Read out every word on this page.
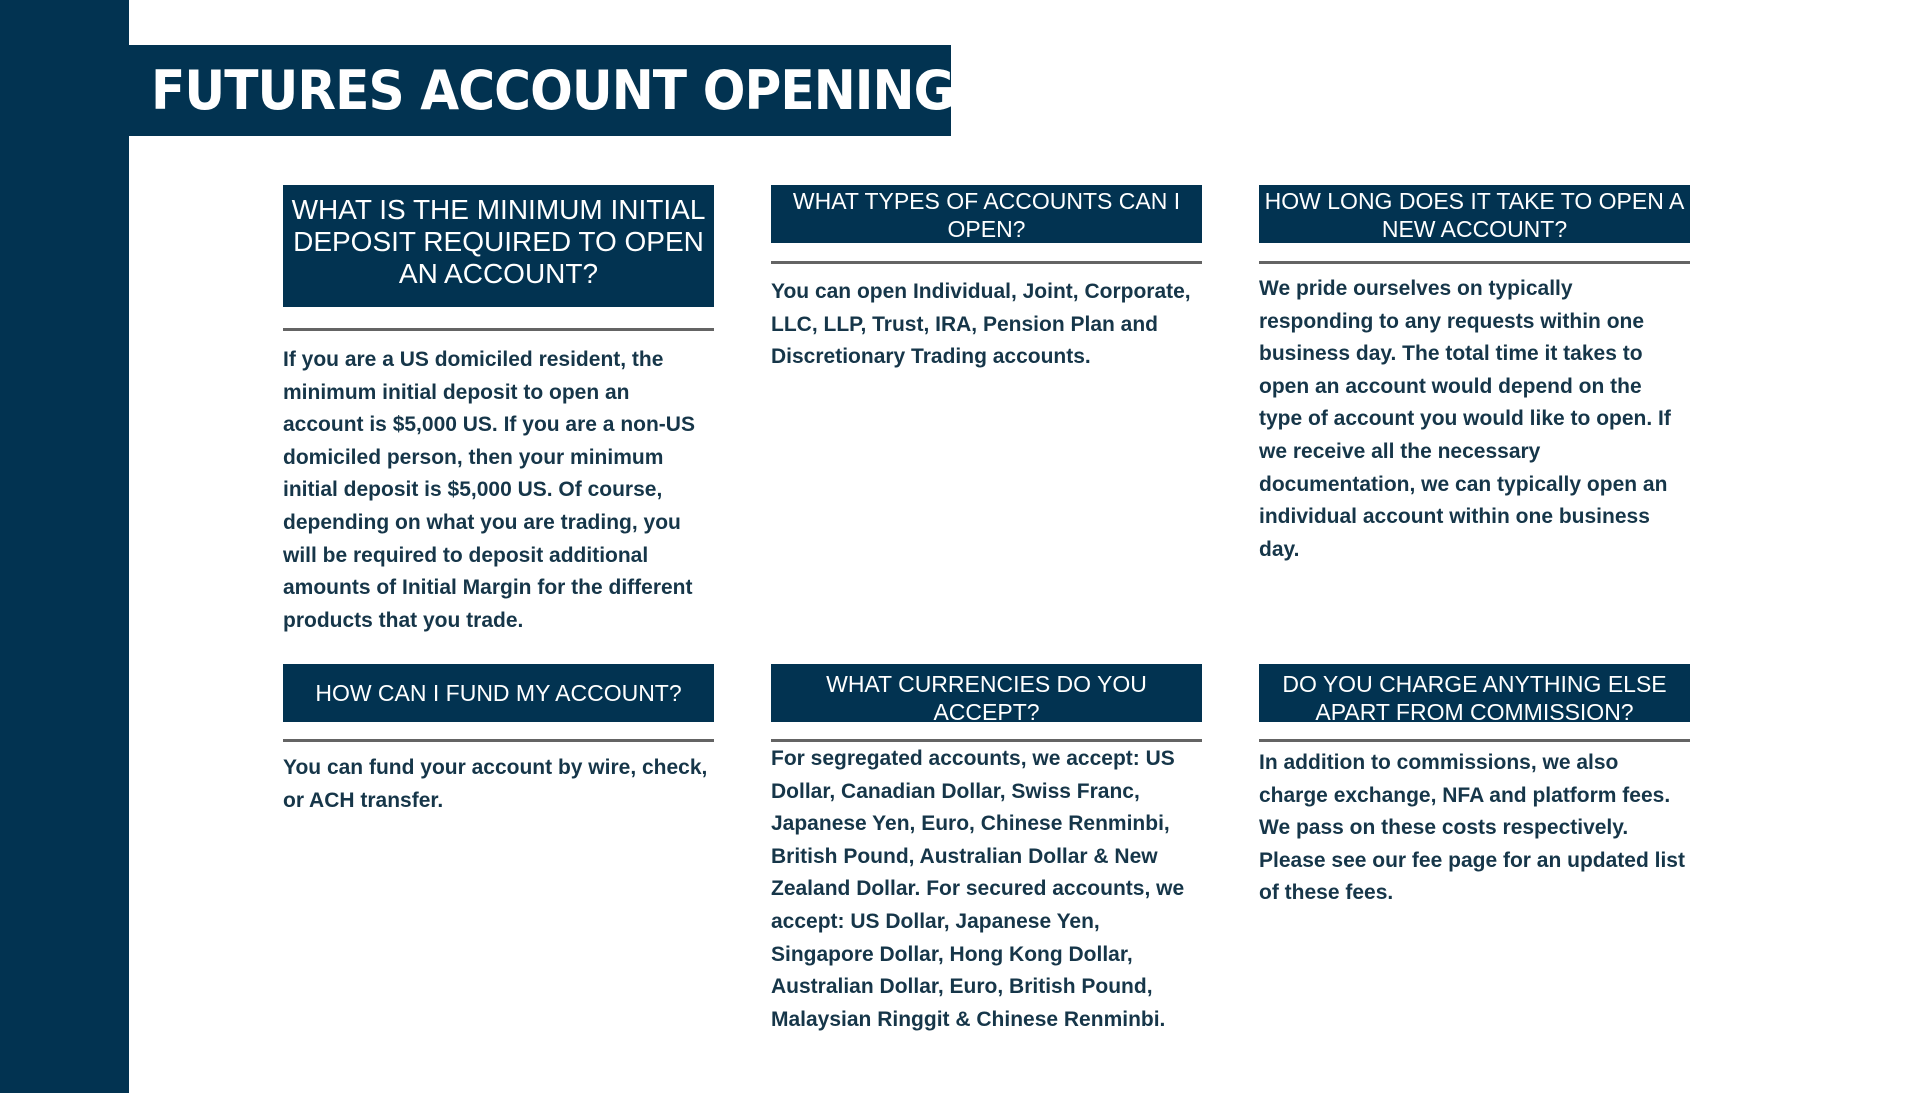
FUTURES ACCOUNT OPENING
WHAT IS THE MINIMUM INITIAL DEPOSIT REQUIRED TO OPEN AN ACCOUNT?

If you are a US domiciled resident, the minimum initial deposit to open an account is $5,000 US. If you are a non-US domiciled person, then your minimum initial deposit is $5,000 US. Of course, depending on what you are trading, you will be required to deposit additional amounts of Initial Margin for the different products that you trade.

WHAT TYPES OF ACCOUNTS CAN I OPEN?

You can open Individual, Joint, Corporate, LLC, LLP, Trust, IRA, Pension Plan and Discretionary Trading accounts.

HOW LONG DOES IT TAKE TO OPEN A NEW ACCOUNT?

We pride ourselves on typically responding to any requests within one business day. The total time it takes to open an account would depend on the type of account you would like to open. If we receive all the necessary documentation, we can typically open an individual account within one business day.

HOW CAN I FUND MY ACCOUNT?

You can fund your account by wire, check, or ACH transfer.

WHAT CURRENCIES DO YOU ACCEPT?

For segregated accounts, we accept: US Dollar, Canadian Dollar, Swiss Franc, Japanese Yen, Euro, Chinese Renminbi, British Pound, Australian Dollar & New Zealand Dollar. For secured accounts, we accept: US Dollar, Japanese Yen, Singapore Dollar, Hong Kong Dollar, Australian Dollar, Euro, British Pound, Malaysian Ringgit & Chinese Renminbi.

DO YOU CHARGE ANYTHING ELSE APART FROM COMMISSION?

In addition to commissions, we also charge exchange, NFA and platform fees. We pass on these costs respectively. Please see our fee page for an updated list of these fees.
